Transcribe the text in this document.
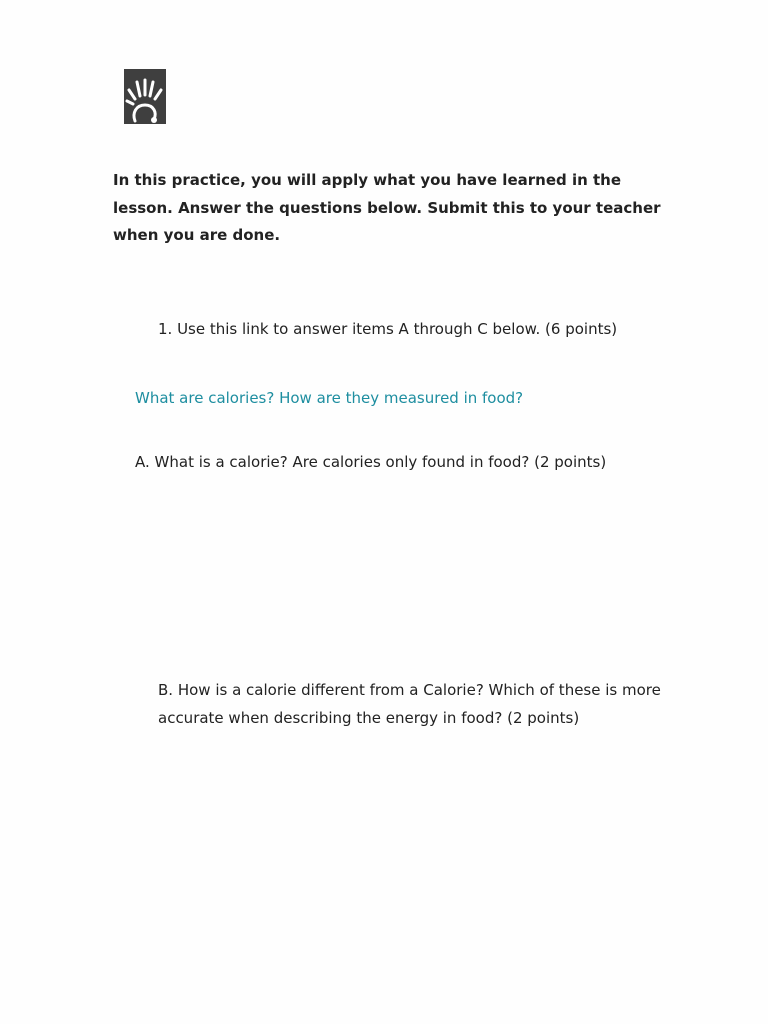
In this practice, you will apply what you have learned in the lesson. Answer the questions below. Submit this to your teacher when you are done.

1. Use this link to answer items A through C below. (6 points)
What are calories? How are they measured in food?
A. What is a calorie? Are calories only found in food? (2 points)
B. How is a calorie different from a Calorie? Which of these is more accurate when describing the energy in food? (2 points)
